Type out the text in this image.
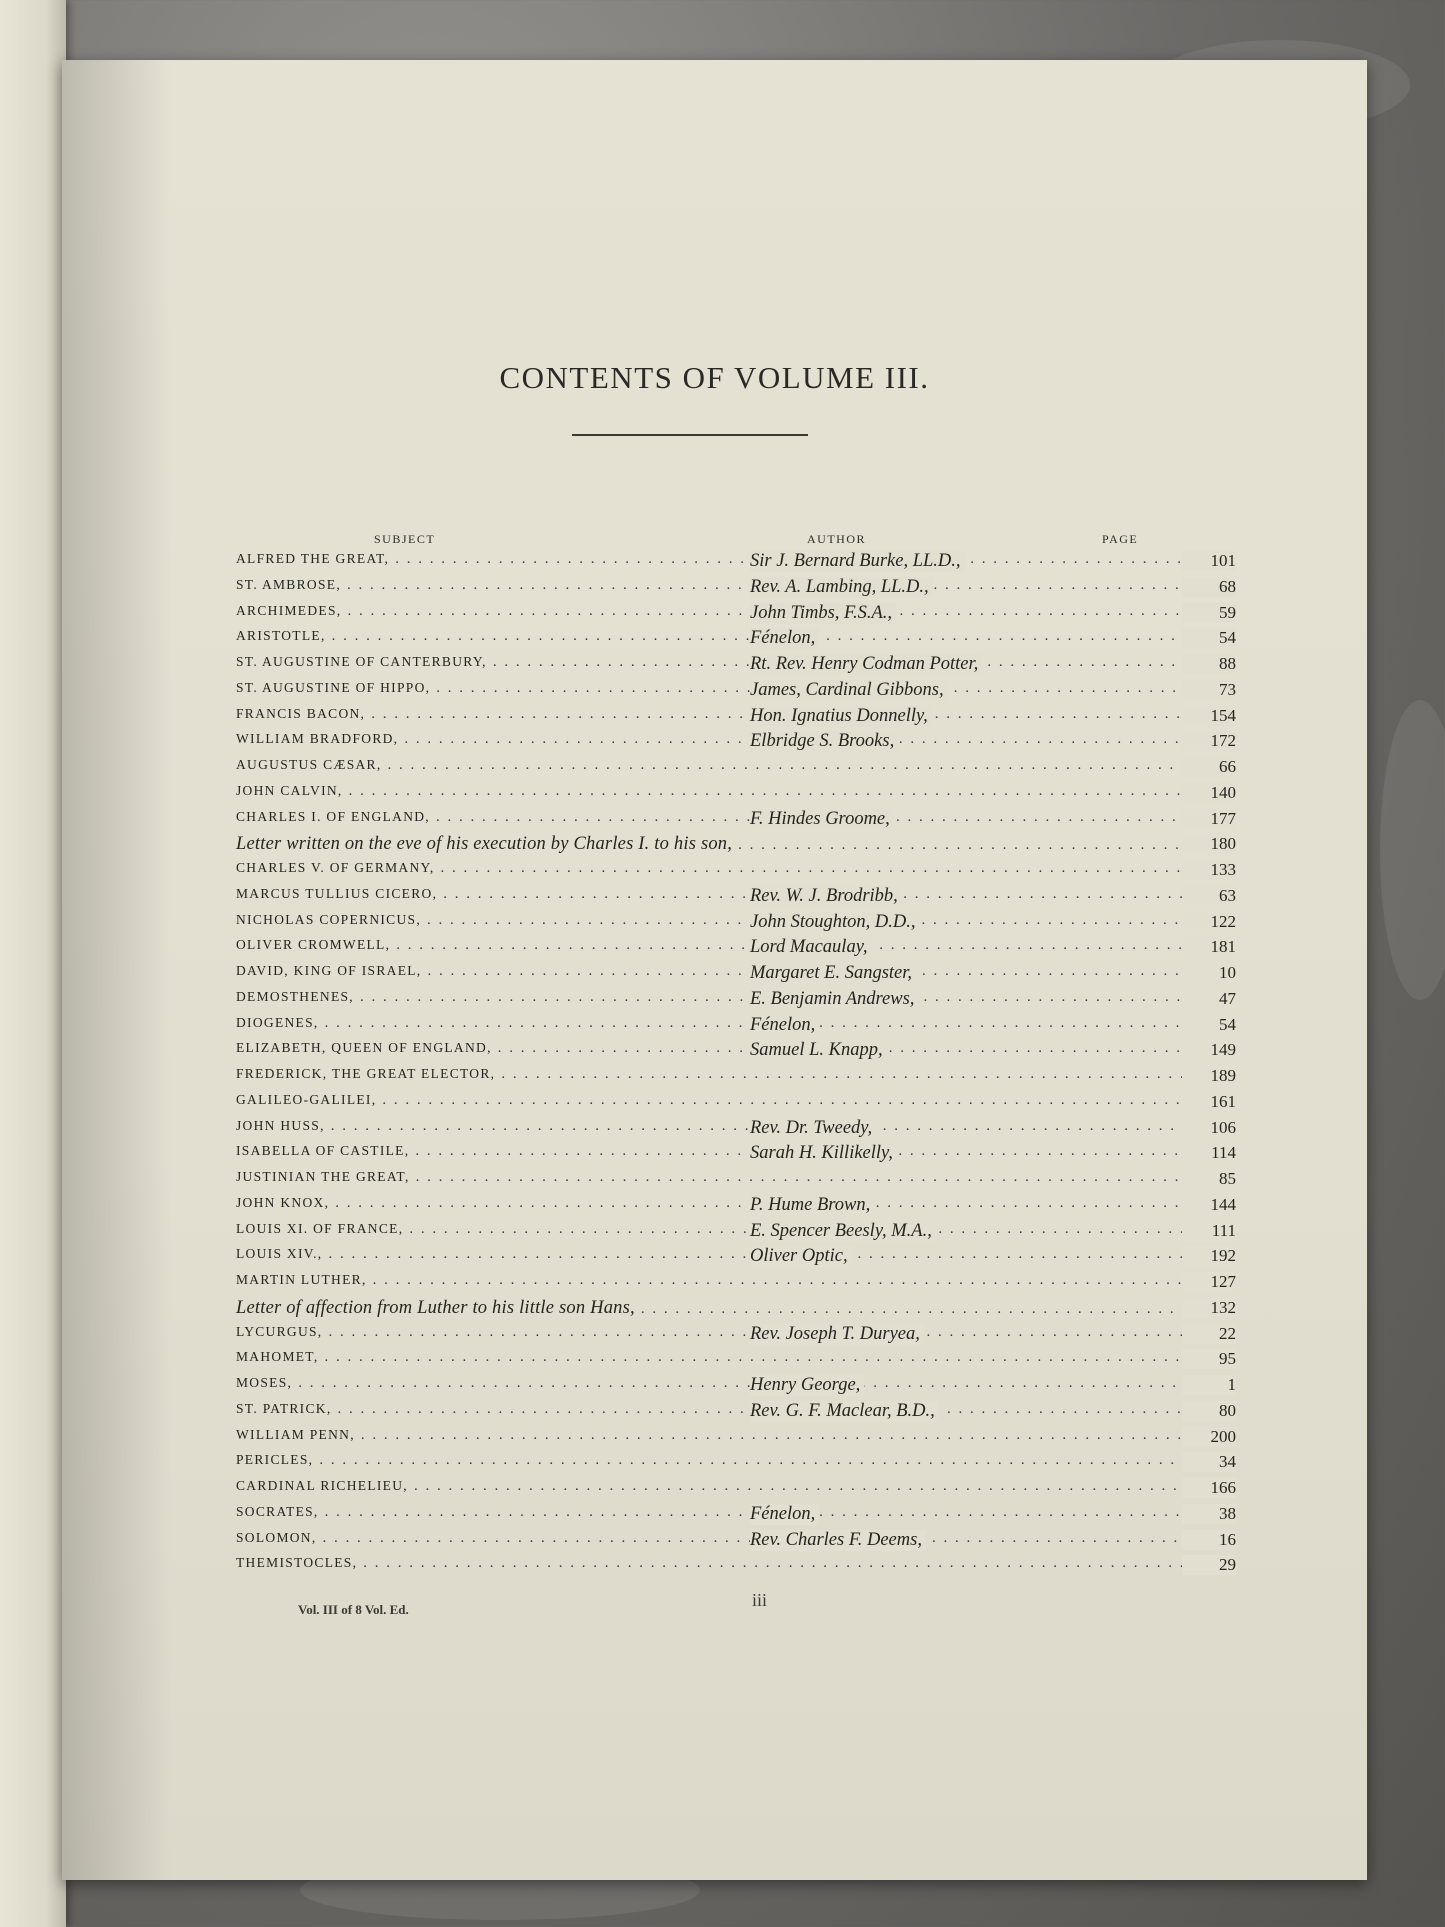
CONTENTS OF VOLUME III.
SUBJECT	AUTHOR	PAGE
ALFRED THE GREAT, . . .	Sir J. Bernard Burke, LL.D.,	101
ST. AMBROSE, . . .	Rev. A. Lambing, LL.D.,	68
ARCHIMEDES, . . .	John Timbs, F.S.A.,	59
ARISTOTLE, . . .	Fénelon,	54
ST. AUGUSTINE OF CANTERBURY, . . .	Rt. Rev. Henry Codman Potter,	88
ST. AUGUSTINE OF HIPPO, . . .	James, Cardinal Gibbons,	73
FRANCIS BACON, . . .	Hon. Ignatius Donnelly,	154
WILLIAM BRADFORD, . . .	Elbridge S. Brooks,	172
AUGUSTUS CÆSAR, . . .	66
JOHN CALVIN, . . .	140
CHARLES I. OF ENGLAND, . . .	F. Hindes Groome,	177
Letter written on the eve of his execution by Charles I. to his son, . . .	180
CHARLES V. OF GERMANY, . . .	133
MARCUS TULLIUS CICERO, . . .	Rev. W. J. Brodribb,	63
NICHOLAS COPERNICUS, . . .	John Stoughton, D.D.,	122
OLIVER CROMWELL, . . .	Lord Macaulay,	181
DAVID, KING OF ISRAEL, . . .	Margaret E. Sangster,	10
DEMOSTHENES, . . .	E. Benjamin Andrews,	47
DIOGENES, . . .	Fénelon,	54
ELIZABETH, QUEEN OF ENGLAND, . . .	Samuel L. Knapp,	149
FREDERICK, THE GREAT ELECTOR, . . .	189
GALILEO-GALILEI, . . .	161
JOHN HUSS, . . .	Rev. Dr. Tweedy,	106
ISABELLA OF CASTILE, . . .	Sarah H. Killikelly,	114
JUSTINIAN THE GREAT, . . .	85
JOHN KNOX, . . .	P. Hume Brown,	144
LOUIS XI. OF FRANCE, . . .	E. Spencer Beesly, M.A.,	111
LOUIS XIV., . . .	Oliver Optic,	192
MARTIN LUTHER, . . .	127
Letter of affection from Luther to his little son Hans, . . .	132
LYCURGUS, . . .	Rev. Joseph T. Duryea,	22
MAHOMET, . . .	95
MOSES, . . .	Henry George,	1
ST. PATRICK, . . .	Rev. G. F. Maclear, B.D.,	80
WILLIAM PENN, . . .	200
PERICLES, . . .	34
CARDINAL RICHELIEU, . . .	166
SOCRATES, . . .	Fénelon,	38
SOLOMON, . . .	Rev. Charles F. Deems,	16
THEMISTOCLES, . . .	29
Vol. III of 8 Vol. Ed.	iii
